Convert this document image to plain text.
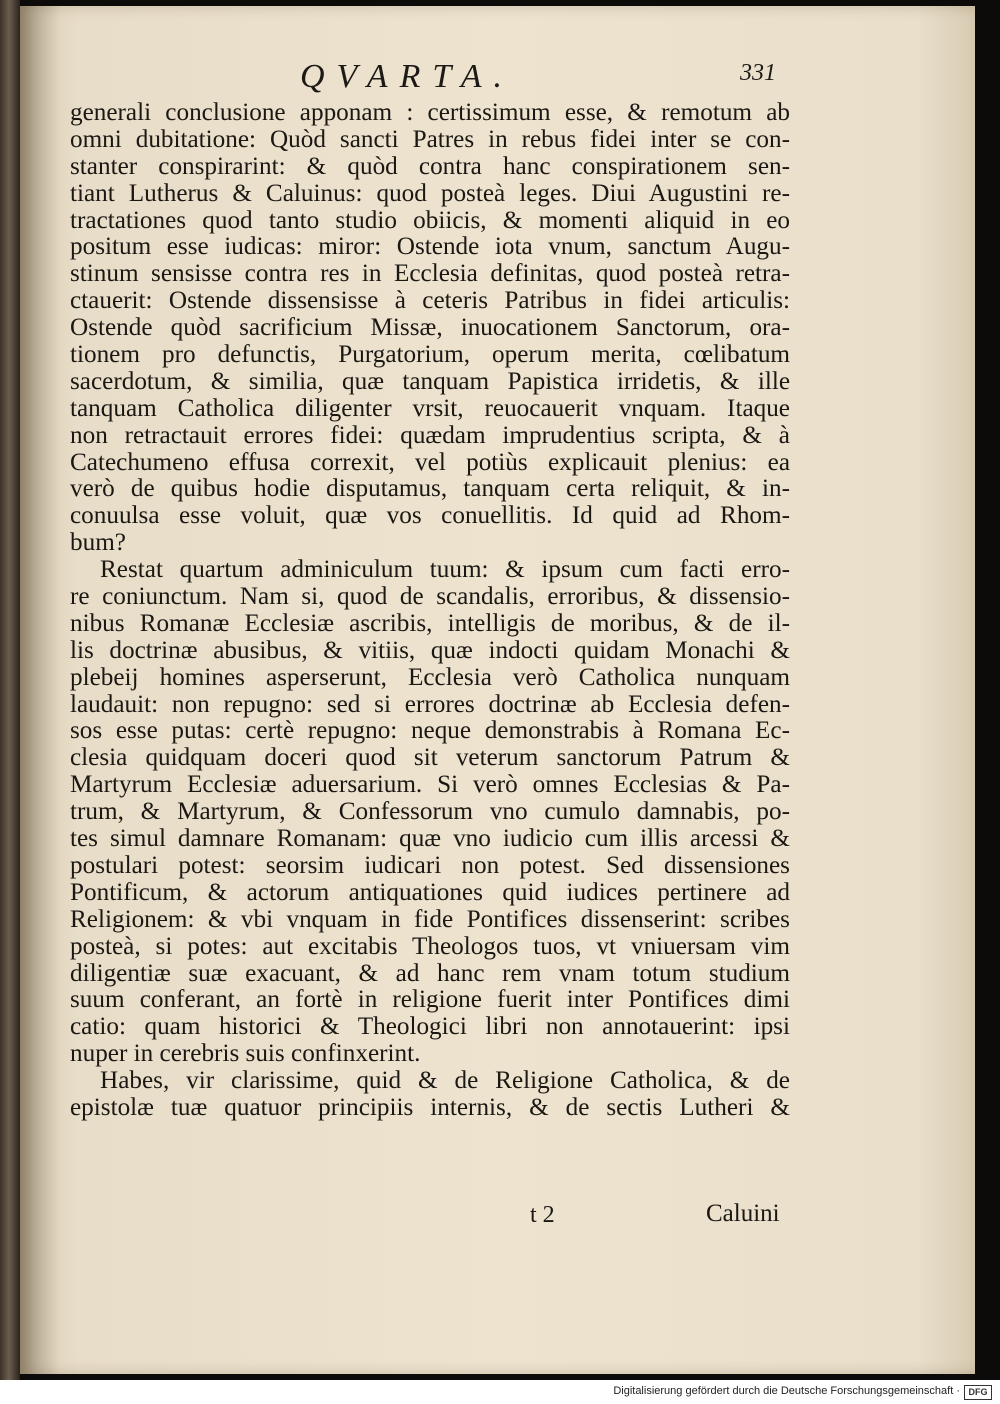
QVARTA.	331
generali conclusione apponam : certissimum esse, & remotum ab
omni dubitatione: Quòd sancti Patres in rebus fidei inter se con-
stanter conspirarint: & quòd contra hanc conspirationem sen-
tiant Lutherus & Caluinus: quod posteà leges. Diui Augustini re-
tractationes quod tanto studio obiicis, & momenti aliquid in eo
positum esse iudicas: miror: Ostende iota vnum, sanctum Augu-
stinum sensisse contra res in Ecclesia definitas, quod posteà retra-
ctauerit: Ostende dissensisse à ceteris Patribus in fidei articulis:
Ostende quòd sacrificium Missæ, inuocationem Sanctorum, ora-
tionem pro defunctis, Purgatorium, operum merita, cœlibatum
sacerdotum, & similia, quæ tanquam Papistica irridetis, & ille
tanquam Catholica diligenter vrsit, reuocauerit vnquam. Itaque
non retractauit errores fidei: quædam imprudentius scripta, & à
Catechumeno effusa correxit, vel potiùs explicauit plenius: ea
verò de quibus hodie disputamus, tanquam certa reliquit, & in-
conuulsa esse voluit, quæ vos conuellitis. Id quid ad Rhom-
bum?
Restat quartum adminiculum tuum: & ipsum cum facti erro-
re coniunctum. Nam si, quod de scandalis, erroribus, & dissensio-
nibus Romanæ Ecclesiæ ascribis, intelligis de moribus, & de il-
lis doctrinæ abusibus, & vitiis, quæ indocti quidam Monachi &
plebeij homines asperserunt, Ecclesia verò Catholica nunquam
laudauit: non repugno: sed si errores doctrinæ ab Ecclesia defen-
sos esse putas: certè repugno: neque demonstrabis à Romana Ec-
clesia quidquam doceri quod sit veterum sanctorum Patrum &
Martyrum Ecclesiæ aduersarium. Si verò omnes Ecclesias & Pa-
trum, & Martyrum, & Confessorum vno cumulo damnabis, po-
tes simul damnare Romanam: quæ vno iudicio cum illis arcessi &
postulari potest: seorsim iudicari non potest. Sed dissensiones
Pontificum, & actorum antiquationes quid iudices pertinere ad
Religionem: & vbi vnquam in fide Pontifices dissenserint: scribes
posteà, si potes: aut excitabis Theologos tuos, vt vniuersam vim
diligentiæ suæ exacuant, & ad hanc rem vnam totum studium
suum conferant, an fortè in religione fuerit inter Pontifices dimi
catio: quam historici & Theologici libri non annotauerint: ipsi
nuper in cerebris suis confinxerint.
Habes, vir clarissime, quid & de Religione Catholica, & de
epistolæ tuæ quatuor principiis internis, & de sectis Lutheri &
t 2	Caluini
Digitalisierung gefördert durch die Deutsche Forschungsgemeinschaft · DFG
